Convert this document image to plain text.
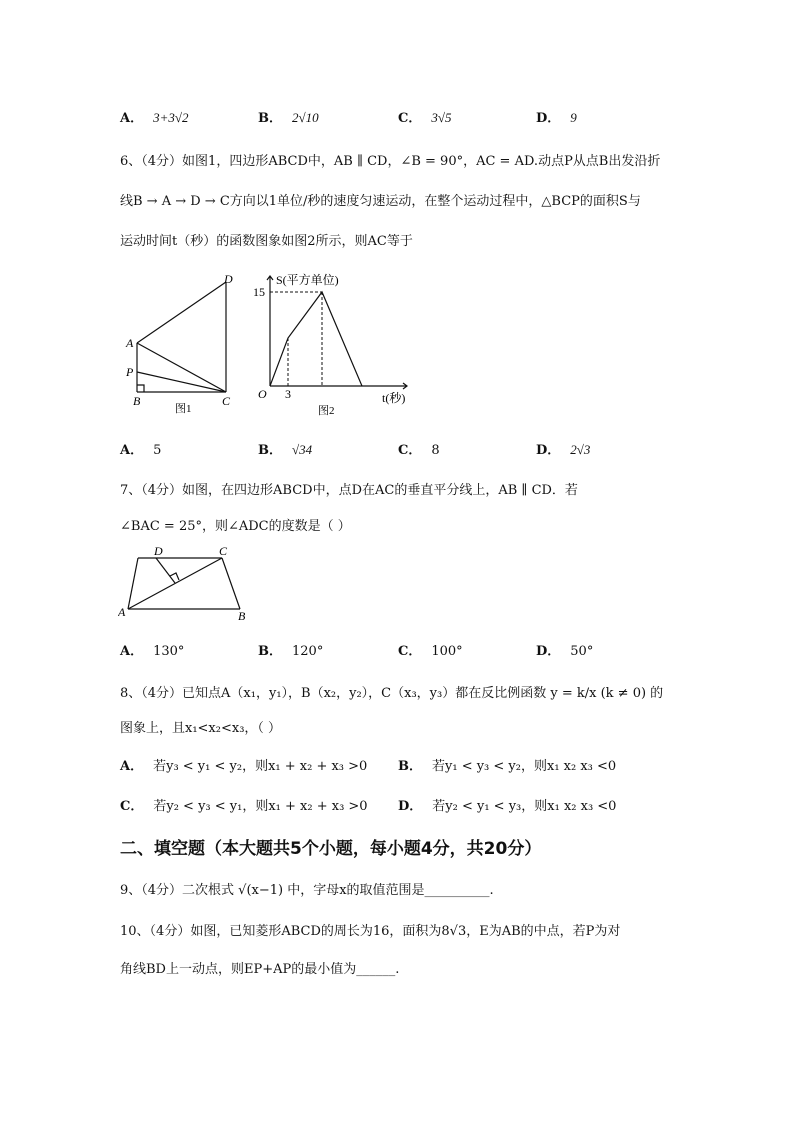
A． 3+3√2	B． 2√10	C． 3√5	D． 9
6、（4分）如图1，四边形ABCD中，AB ∥ CD，∠B = 90°，AC = AD.动点P从点B出发沿折
线B → A → D → C方向以1单位/秒的速度匀速运动，在整个运动过程中，△BCP的面积S与
运动时间t（秒）的函数图象如图2所示，则AC等于
D
A
P
B	C
图1
S(平方单位)
15
O 3	t(秒)
图2
A． 5	B． √34	C． 8	D． 2√3
7、（4分）如图，在四边形ABCD中，点D在AC的垂直平分线上，AB ∥ CD．若
∠BAC = 25°，则∠ADC的度数是（ ）
D	C
A	B
A． 130°	B． 120°	C． 100°	D． 50°
8、（4分）已知点A（x₁，y₁），B（x₂，y₂），C（x₃，y₃）都在反比例函数 y = k/x (k ≠ 0) 的
图象上，且x₁<x₂<x₃，（ ）
A． 若y₃ < y₁ < y₂，则x₁ + x₂ + x₃ >0 B． 若y₁ < y₃ < y₂，则x₁ x₂ x₃ <0
C． 若y₂ < y₃ < y₁，则x₁ + x₂ + x₃ >0 D． 若y₂ < y₁ < y₃，则x₁ x₂ x₃ <0
二、填空题（本大题共5个小题，每小题4分，共20分）
9、（4分）二次根式 √(x−1) 中，字母x的取值范围是__________.
10、（4分）如图，已知菱形ABCD的周长为16，面积为8√3，E为AB的中点，若P为对
角线BD上一动点，则EP+AP的最小值为______.
